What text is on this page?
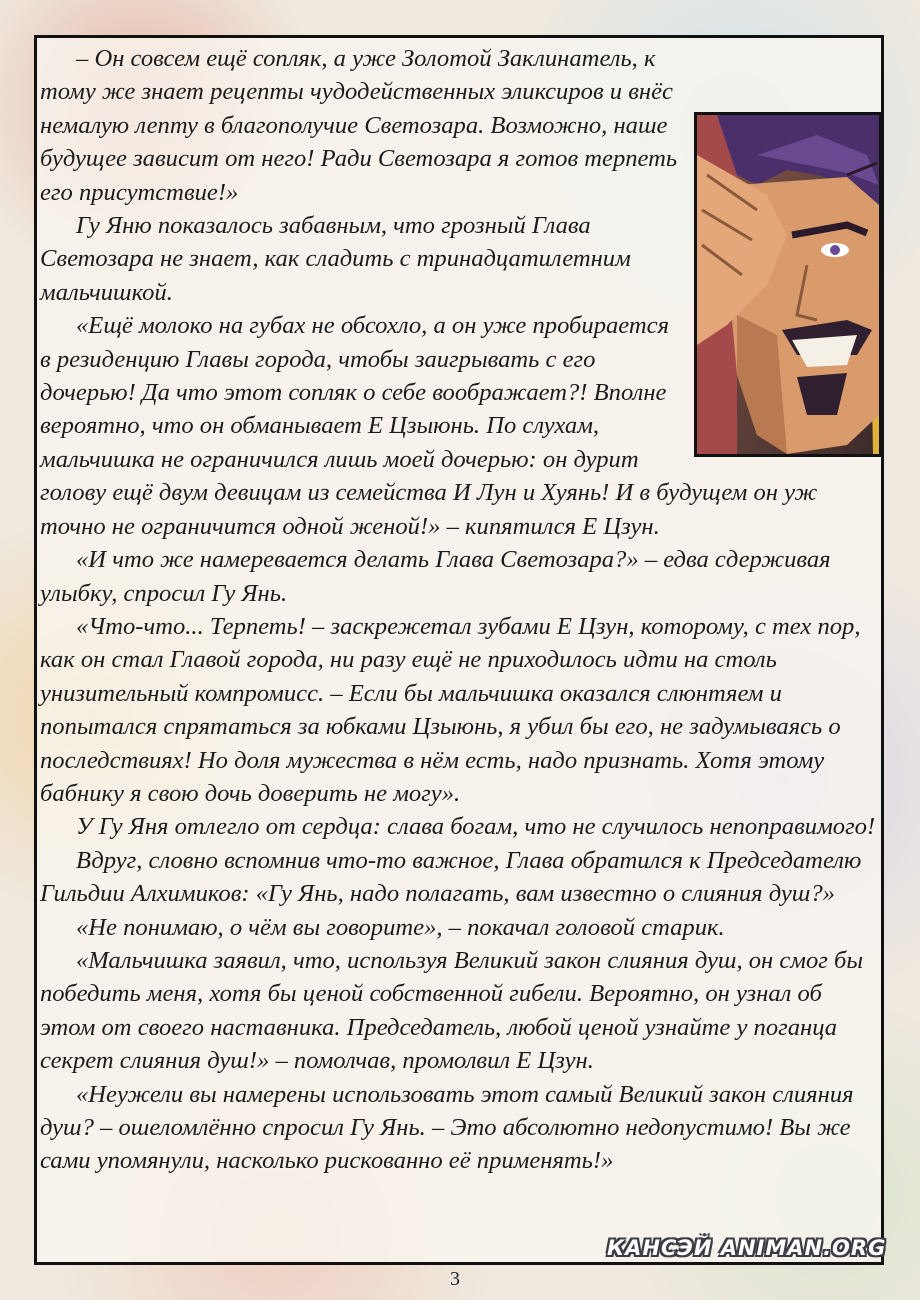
– Он совсем ещё сопляк, а уже Золотой Заклинатель, к тому же знает рецепты чудодейственных эликсиров и внёс немалую лепту в благополучие Светозара. Возможно, наше будущее зависит от него! Ради Светозара я готов терпеть его присутствие!»

Гу Яню показалось забавным, что грозный Глава Светозара не знает, как сладить с тринадцатилетним мальчишкой.

«Ещё молоко на губах не обсохло, а он уже пробирается в резиденцию Главы города, чтобы заигрывать с его дочерью! Да что этот сопляк о себе воображает?! Вполне вероятно, что он обманывает Е Цзыюнь. По слухам, мальчишка не ограничился лишь моей дочерью: он дурит голову ещё двум девицам из семейства И Лун и Хуянь! И в будущем он уж точно не ограничится одной женой!» – кипятился Е Цзун.

«И что же намеревается делать Глава Светозара?» – едва сдерживая улыбку, спросил Гу Янь.

«Что-что... Терпеть! – заскрежетал зубами Е Цзун, которому, с тех пор, как он стал Главой города, ни разу ещё не приходилось идти на столь унизительный компромисс. – Если бы мальчишка оказался слюнтяем и попытался спрятаться за юбками Цзыюнь, я убил бы его, не задумываясь о последствиях! Но доля мужества в нём есть, надо признать. Хотя этому бабнику я свою дочь доверить не могу».

У Гу Яня отлегло от сердца: слава богам, что не случилось непоправимого!

Вдруг, словно вспомнив что-то важное, Глава обратился к Председателю Гильдии Алхимиков: «Гу Янь, надо полагать, вам известно о слияния душ?»

«Не понимаю, о чём вы говорите», – покачал головой старик.

«Мальчишка заявил, что, используя Великий закон слияния душ, он смог бы победить меня, хотя бы ценой собственной гибели. Вероятно, он узнал об этом от своего наставника. Председатель, любой ценой узнайте у поганца секрет слияния душ!» – помолчав, промолвил Е Цзун.

«Неужели вы намерены использовать этот самый Великий закон слияния душ? – ошеломлённо спросил Гу Янь. – Это абсолютно недопустимо! Вы же сами упомянули, насколько рискованно её применять!»

КАНСЭЙ ANIMAN.ORG
3
